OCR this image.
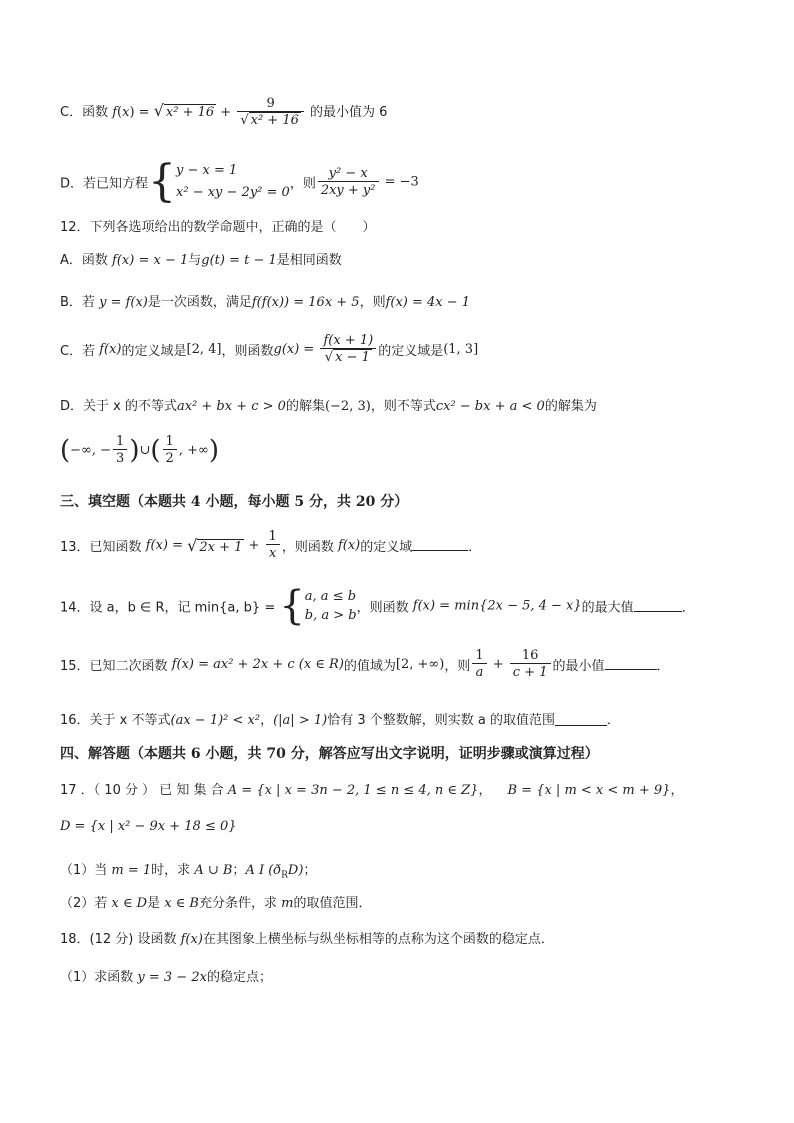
C．函数 f(x) = √ $x^2 + 16 + \frac{9}{\text{√ x² + 16}}$ 的最小值为 6
D．若已知方程{ y − x = 1
x² − xy − 2y² = 0
，则 $\frac{\text{y² − x}}{\text{2xy + y²}} = -3$
12．下列各选项给出的数学命题中，正确的是（　　）
A．函数 f(x) = x − 1与g(t) = t − 1是相同函数
B．若 y = f(x)是一次函数，满足f(f(x)) = 16x + 5，则f(x) = 4x − 1
C．若 f(x)的定义域是[2, 4]，则函数$g(x) = \frac{f(x + 1)}{√ x - 1}$ 的定义域是(1, 3]
D．关于 x 的不等式ax² + bx + c > 0的解集(−2, 3)，则不等式cx² − bx + a < 0的解集为
(−∞, − $\frac{1}{3}$ )∪( $\frac{1}{2}$ , +∞)
三、填空题（本题共 4 小题，每小题 5 分，共 20 分）
13．已知函数 f(x) = √ $2x + 1 + \frac{1}{x}$ ，则函数 f(x)的定义域	．
14．设 a，b ∈ R，记 min{a, b} = { a, a ≤ b
b, a > b ，则函数 f(x) = min{2x − 5, 4 − x}的最大值	．
15．已知二次函数 f(x) = ax² + 2x + c (x ∈ R)的值域为[2, +∞)，则 $\frac{1}{a} + \frac{16}{c + 1}$ 的最小值	．
16．关于 x 不等式(ax − 1)² < x²，(|a| > 1)恰有 3 个整数解，则实数 a 的取值范围	．
四、解答题（本题共 6 小题，共 70 分，解答应写出文字说明，证明步骤或演算过程）
17 ．（ 10 分 ） 已 知 集 合 A = {x | x = 3n − 2, 1 ≤ n ≤ 4, n ∈ Z}， B = {x | m < x < m + 9}，
D = {x | x² − 9x + 18 ≤ 0}
（1）当 m = 1时，求 A ∪ B；A I $(ð_RD)$；
（2）若 x ∈ D是 x ∈ B充分条件，求 m的取值范围．
18．(12 分) 设函数 f(x)在其图象上横坐标与纵坐标相等的点称为这个函数的稳定点．
（1）求函数 y = 3 − 2x的稳定点；
